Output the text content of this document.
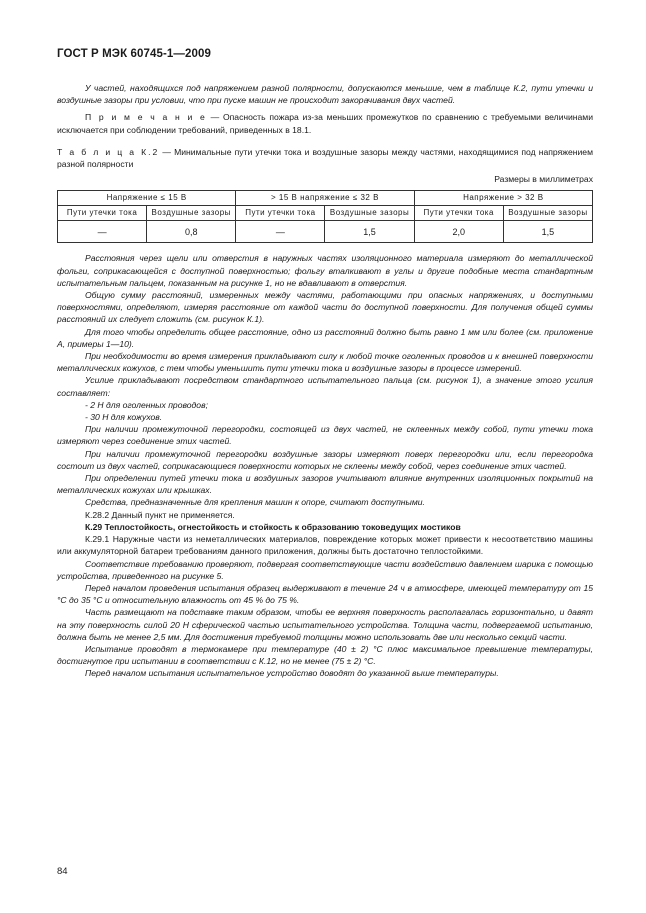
ГОСТ Р МЭК 60745-1—2009

У частей, находящихся под напряжением разной полярности, допускаются меньшие, чем в таблице К.2, пути утечки и воздушные зазоры при условии, что при пуске машин не происходит закорачивания двух частей.

П р и м е ч а н и е — Опасность пожара из-за меньших промежутков по сравнению с требуемыми величинами исключается при соблюдении требований, приведенных в 18.1.

Т а б л и ц а К.2 — Минимальные пути утечки тока и воздушные зазоры между частями, находящимися под напряжением разной полярности

Размеры в миллиметрах

Напряжение ≤ 15 В		> 15 В напряжение ≤ 32 В		Напряжение > 32 В	
Пути утечки тока	Воздушные зазоры	Пути утечки тока	Воздушные зазоры	Пути утечки тока	Воздушные зазоры
—	0,8	—	1,5	2,0	1,5

Расстояния через щели или отверстия в наружных частях изоляционного материала измеряют до металлической фольги, соприкасающейся с доступной поверхностью; фольгу вталкивают в углы и другие подобные места стандартным испытательным пальцем, показанным на рисунке 1, но не вдавливают в отверстия.

Общую сумму расстояний, измеренных между частями, работающими при опасных напряжениях, и доступными поверхностями, определяют, измеряя расстояние от каждой части до доступной поверхности. Для получения общей суммы расстояний их следует сложить (см. рисунок К.1).

Для того чтобы определить общее расстояние, одно из расстояний должно быть равно 1 мм или более (см. приложение А, примеры 1—10).

При необходимости во время измерения прикладывают силу к любой точке оголенных проводов и к внешней поверхности металлических кожухов, с тем чтобы уменьшить пути утечки тока и воздушные зазоры в процессе измерений.

Усилие прикладывают посредством стандартного испытательного пальца (см. рисунок 1), а значение этого усилия составляет:

- 2 Н для оголенных проводов;

- 30 Н для кожухов.

При наличии промежуточной перегородки, состоящей из двух частей, не склеенных между собой, пути утечки тока измеряют через соединение этих частей.

При наличии промежуточной перегородки воздушные зазоры измеряют поверх перегородки или, если перегородка состоит из двух частей, соприкасающиеся поверхности которых не склеены между собой, через соединение этих частей.

При определении путей утечки тока и воздушных зазоров учитывают влияние внутренних изоляционных покрытий на металлических кожухах или крышках.

Средства, предназначенные для крепления машин к опоре, считают доступными.

К.28.2 Данный пункт не применяется.

К.29 Теплостойкость, огнестойкость и стойкость к образованию токоведущих мостиков

К.29.1 Наружные части из неметаллических материалов, повреждение которых может привести к несоответствию машины или аккумуляторной батареи требованиям данного приложения, должны быть достаточно теплостойкими.

Соответствие требованию проверяют, подвергая соответствующие части воздействию давлением шарика с помощью устройства, приведенного на рисунке 5.

Перед началом проведения испытания образец выдерживают в течение 24 ч в атмосфере, имеющей температуру от 15 °С до 35 °С и относительную влажность от 45 % до 75 %.

Часть размещают на подставке таким образом, чтобы ее верхняя поверхность располагалась горизонтально, и давят на эту поверхность силой 20 Н сферической частью испытательного устройства. Толщина части, подвергаемой испытанию, должна быть не менее 2,5 мм. Для достижения требуемой толщины можно использовать две или несколько секций части.

Испытание проводят в термокамере при температуре (40 ± 2) °С плюс максимальное превышение температуры, достигнутое при испытании в соответствии с К.12, но не менее (75 ± 2) °С.

Перед началом испытания испытательное устройство доводят до указанной выше температуры.

84
